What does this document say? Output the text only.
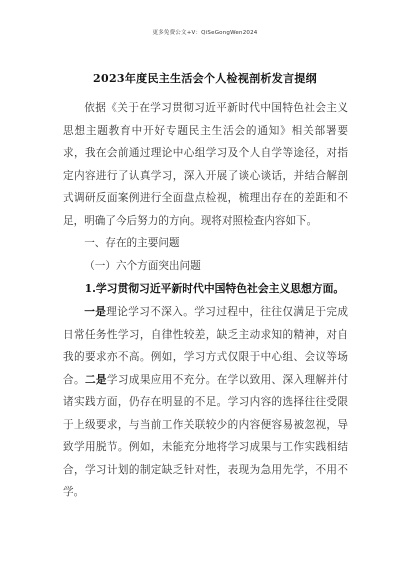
更多免费公文+V：QiSeGongWen2024
2023年度民主生活会个人检视剖析发言提纲

依据《关于在学习贯彻习近平新时代中国特色社会主义思想主题教育中开好专题民主生活会的通知》相关部署要求，我在会前通过理论中心组学习及个人自学等途径，对指定内容进行了认真学习，深入开展了谈心谈话，并结合解剖式调研反面案例进行全面盘点检视，梳理出存在的差距和不足，明确了今后努力的方向。现将对照检查内容如下。

一、存在的主要问题

（一）六个方面突出问题

1.学习贯彻习近平新时代中国特色社会主义思想方面。

一是理论学习不深入。学习过程中，往往仅满足于完成日常任务性学习，自律性较差，缺乏主动求知的精神，对自我的要求亦不高。例如，学习方式仅限于中心组、会议等场合。二是学习成果应用不充分。在学以致用、深入理解并付诸实践方面，仍存在明显的不足。学习内容的选择往往受限于上级要求，与当前工作关联较少的内容便容易被忽视，导致学用脱节。例如，未能充分地将学习成果与工作实践相结合，学习计划的制定缺乏针对性，表现为急用先学，不用不学。
